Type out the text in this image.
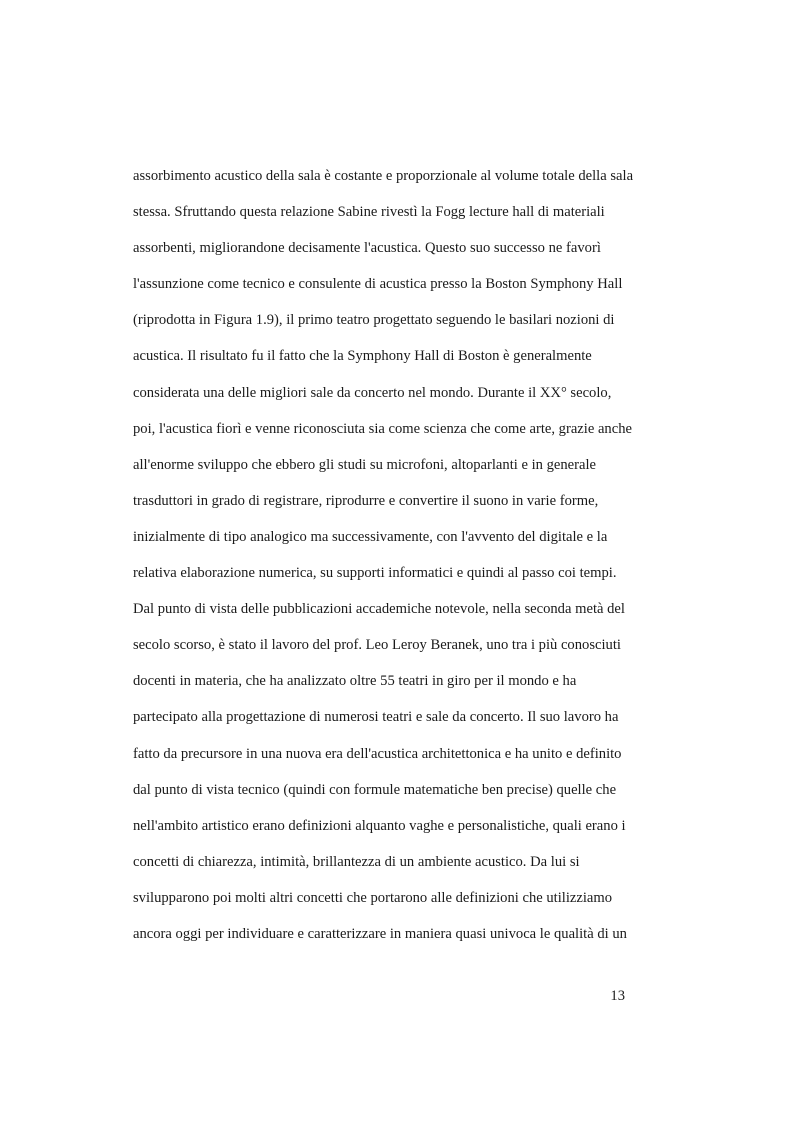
assorbimento acustico della sala è costante e proporzionale al volume totale della sala
stessa. Sfruttando questa relazione Sabine rivestì la Fogg lecture hall di materiali
assorbenti, migliorandone decisamente l'acustica. Questo suo successo ne favorì
l'assunzione come tecnico e consulente di acustica presso la Boston Symphony Hall
(riprodotta in Figura 1.9), il primo teatro progettato seguendo le basilari nozioni di
acustica. Il risultato fu il fatto che la Symphony Hall di Boston è generalmente
considerata una delle migliori sale da concerto nel mondo. Durante il XX° secolo,
poi, l'acustica fiorì e venne riconosciuta sia come scienza che come arte, grazie anche
all'enorme sviluppo che ebbero gli studi su microfoni, altoparlanti e in generale
trasduttori in grado di registrare, riprodurre e convertire il suono in varie forme,
inizialmente di tipo analogico ma successivamente, con l'avvento del digitale e la
relativa elaborazione numerica, su supporti informatici e quindi al passo coi tempi.
Dal punto di vista delle pubblicazioni accademiche notevole, nella seconda metà del
secolo scorso, è stato il lavoro del prof. Leo Leroy Beranek, uno tra i più conosciuti
docenti in materia, che ha analizzato oltre 55 teatri in giro per il mondo e ha
partecipato alla progettazione di numerosi teatri e sale da concerto. Il suo lavoro ha
fatto da precursore in una nuova era dell'acustica architettonica e ha unito e definito
dal punto di vista tecnico (quindi con formule matematiche ben precise) quelle che
nell'ambito artistico erano definizioni alquanto vaghe e personalistiche, quali erano i
concetti di chiarezza, intimità, brillantezza di un ambiente acustico. Da lui si
svilupparono poi molti altri concetti che portarono alle definizioni che utilizziamo
ancora oggi per individuare e caratterizzare in maniera quasi univoca le qualità di un
13
